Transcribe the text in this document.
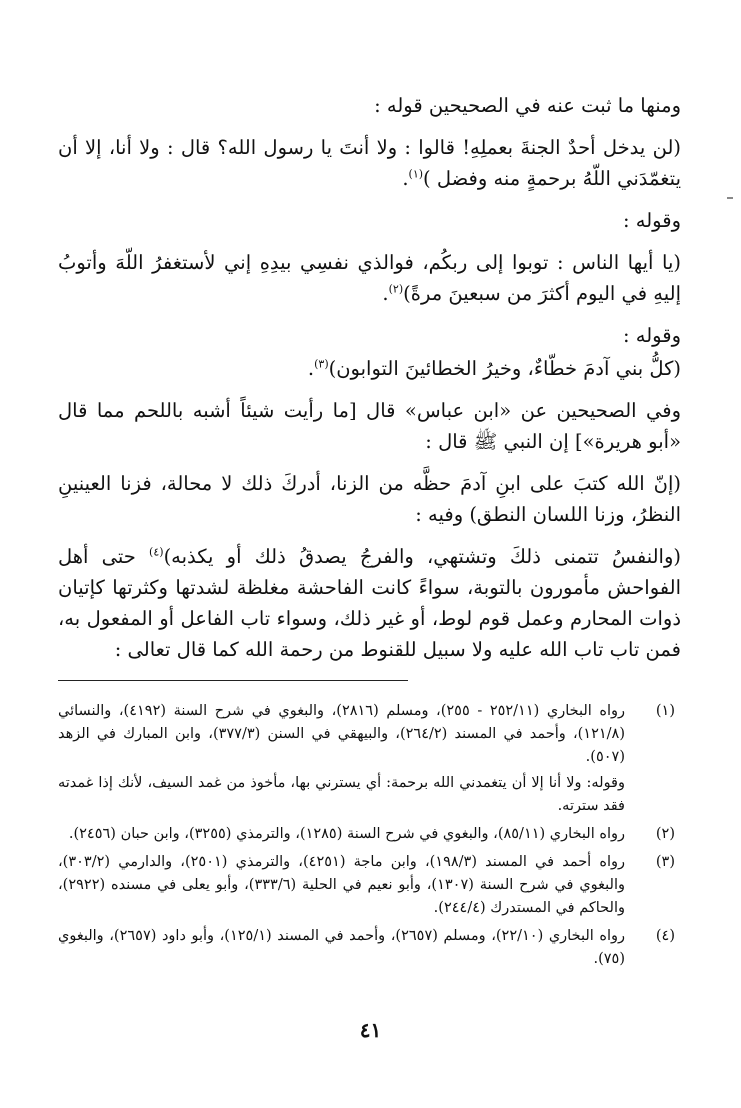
ومنها ما ثبت عنه في الصحيحين قوله :

(لن يدخل أحدٌ الجنةَ بعملِهِ! قالوا : ولا أنتَ يا رسول الله؟ قال : ولا أنا، إلا أن يتغمّدَني اللّهُ برحمةٍ منه وفضل )$^{(١)}$.

وقوله :

(يا أيها الناس : توبوا إلى ربكُم، فوالذي نفسِي بيدِهِ إني لأستغفرُ اللّهَ وأتوبُ إليهِ في اليوم أكثرَ من سبعينَ مرةً)$^{(٢)}$.

وقوله :

(كلُّ بني آدمَ خطّاءٌ، وخيرُ الخطائينَ التوابون)$^{(٣)}$.

وفي الصحيحين عن «ابن عباس» قال [ما رأيت شيئاً أشبه باللحم مما قال «أبو هريرة»] إن النبي ﷺ قال :

(إنّ الله كتبَ على ابنِ آدمَ حظَّه من الزنا، أدركَ ذلك لا محالة، فزنا العينينِ النظرُ، وزنا اللسان النطق) وفيه :

(والنفسُ تتمنى ذلكَ وتشتهي، والفرجُ يصدقُ ذلك أو يكذبه)$^{(٤)}$ حتى أهل الفواحش مأمورون بالتوبة، سواءً كانت الفاحشة مغلظة لشدتها وكثرتها كإتيان ذوات المحارم وعمل قوم لوط، أو غير ذلك، وسواء تاب الفاعل أو المفعول به، فمن تاب تاب الله عليه ولا سبيل للقنوط من رحمة الله كما قال تعالى :

(١)
رواه البخاري (٢٥٢/١١ - ٢٥٥)، ومسلم (٢٨١٦)، والبغوي في شرح السنة (٤١٩٢)، والنسائي (١٢١/٨)، وأحمد في المسند (٢٦٤/٢)، والبيهقي في السنن (٣٧٧/٣)، وابن المبارك في الزهد (٥٠٧).
وقوله: ولا أنا إلا أن يتغمدني الله برحمة: أي يسترني بها، مأخوذ من غمد السيف، لأنك إذا غمدته فقد سترته.
(٢)
رواه البخاري (٨٥/١١)، والبغوي في شرح السنة (١٢٨٥)، والترمذي (٣٢٥٥)، وابن حبان (٢٤٥٦).
(٣)
رواه أحمد في المسند (١٩٨/٣)، وابن ماجة (٤٢٥١)، والترمذي (٢٥٠١)، والدارمي (٣٠٣/٢)، والبغوي في شرح السنة (١٣٠٧)، وأبو نعيم في الحلية (٣٣٣/٦)، وأبو يعلى في مسنده (٢٩٢٢)، والحاكم في المستدرك (٢٤٤/٤).
(٤)
رواه البخاري (٢٢/١٠)، ومسلم (٢٦٥٧)، وأحمد في المسند (١٢٥/١)، وأبو داود (٢٦٥٧)، والبغوي (٧٥).
٤١
